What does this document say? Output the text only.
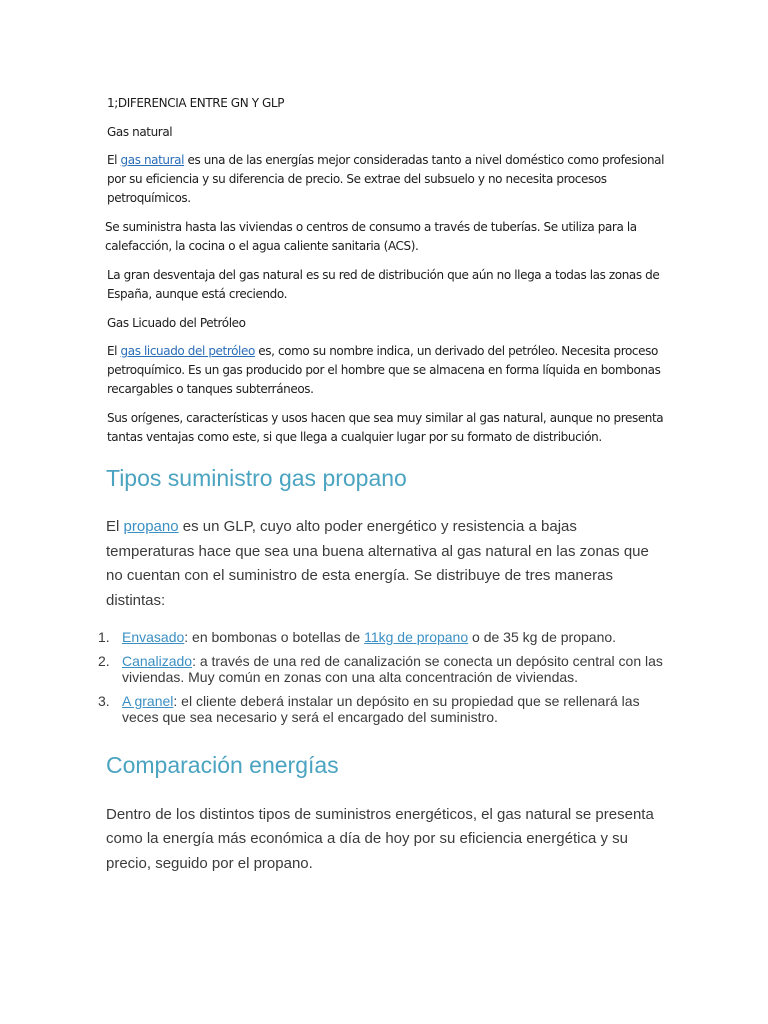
1;DIFERENCIA ENTRE GN Y GLP

Gas natural

El gas natural es una de las energías mejor consideradas tanto a nivel doméstico como profesional
por su eficiencia y su diferencia de precio. Se extrae del subsuelo y no necesita procesos
petroquímicos.

Se suministra hasta las viviendas o centros de consumo a través de tuberías. Se utiliza para la
calefacción, la cocina o el agua caliente sanitaria (ACS).

La gran desventaja del gas natural es su red de distribución que aún no llega a todas las zonas de
España, aunque está creciendo.

Gas Licuado del Petróleo

El gas licuado del petróleo es, como su nombre indica, un derivado del petróleo. Necesita proceso
petroquímico. Es un gas producido por el hombre que se almacena en forma líquida en bombonas
recargables o tanques subterráneos.

Sus orígenes, características y usos hacen que sea muy similar al gas natural, aunque no presenta
tantas ventajas como este, si que llega a cualquier lugar por su formato de distribución.

Tipos suministro gas propano

El propano es un GLP, cuyo alto poder energético y resistencia a bajas
temperaturas hace que sea una buena alternativa al gas natural en las zonas que
no cuentan con el suministro de esta energía. Se distribuye de tres maneras
distintas:

1. Envasado: en bombonas o botellas de 11kg de propano o de 35 kg de propano.
2. Canalizado: a través de una red de canalización se conecta un depósito central con las
viviendas. Muy común en zonas con una alta concentración de viviendas.
3. A granel: el cliente deberá instalar un depósito en su propiedad que se rellenará las
veces que sea necesario y será el encargado del suministro.
Comparación energías

Dentro de los distintos tipos de suministros energéticos, el gas natural se presenta
como la energía más económica a día de hoy por su eficiencia energética y su
precio, seguido por el propano.
